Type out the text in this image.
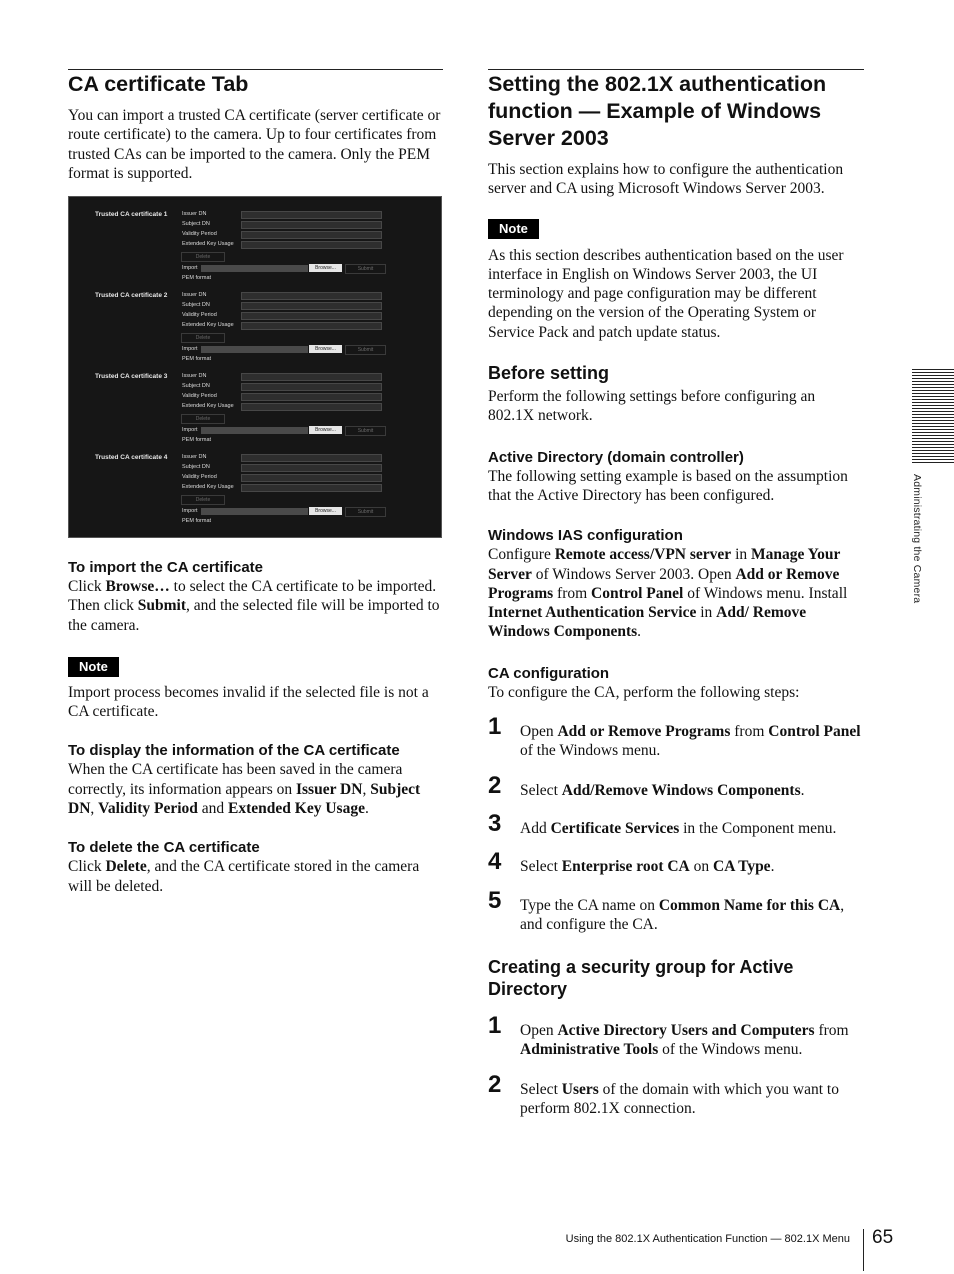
CA certificate Tab

You can import a trusted CA certificate (server certificate or route certificate) to the camera. Up to four certificates from trusted CAs can be imported to the camera. Only the PEM format is supported.

Trusted CA certificate 1	Issuer DN
Subject DN
Validity Period
Extended Key Usage
Delete
Import	Browse...	Submit
PEM format
Trusted CA certificate 2	Issuer DN
Subject DN
Validity Period
Extended Key Usage
Delete
Import	Browse...	Submit
PEM format
Trusted CA certificate 3	Issuer DN
Subject DN
Validity Period
Extended Key Usage
Delete
Import	Browse...	Submit
PEM format
Trusted CA certificate 4	Issuer DN
Subject DN
Validity Period
Extended Key Usage
Delete
Import	Browse...	Submit
PEM format
To import the CA certificate

Click Browse… to select the CA certificate to be imported.

Then click Submit, and the selected file will be imported to the camera.

Note

Import process becomes invalid if the selected file is not a CA certificate.

To display the information of the CA certificate

When the CA certificate has been saved in the camera correctly, its information appears on Issuer DN, Subject DN, Validity Period and Extended Key Usage.

To delete the CA certificate

Click Delete, and the CA certificate stored in the camera will be deleted.

Setting the 802.1X authentication function — Example of Windows Server 2003

This section explains how to configure the authentication server and CA using Microsoft Windows Server 2003.

Note

As this section describes authentication based on the user interface in English on Windows Server 2003, the UI terminology and page configuration may be different depending on the version of the Operating System or Service Pack and patch update status.

Before setting

Perform the following settings before configuring an 802.1X network.

Active Directory (domain controller)

The following setting example is based on the assumption that the Active Directory has been configured.

Windows IAS configuration

Configure Remote access/VPN server in Manage Your Server of Windows Server 2003. Open Add or Remove Programs from Control Panel of Windows menu. Install Internet Authentication Service in Add/ Remove Windows Components.

CA configuration

To configure the CA, perform the following steps:

1 Open Add or Remove Programs from Control Panel of the Windows menu.
2 Select Add/Remove Windows Components.
3 Add Certificate Services in the Component menu.
4 Select Enterprise root CA on CA Type.
5 Type the CA name on Common Name for this CA, and configure the CA.
Creating a security group for Active Directory
1 Open Active Directory Users and Computers from Administrative Tools of the Windows menu.
2 Select Users of the domain with which you want to perform 802.1X connection.
Administrating the Camera
Using the 802.1X Authentication Function — 802.1X Menu 65
